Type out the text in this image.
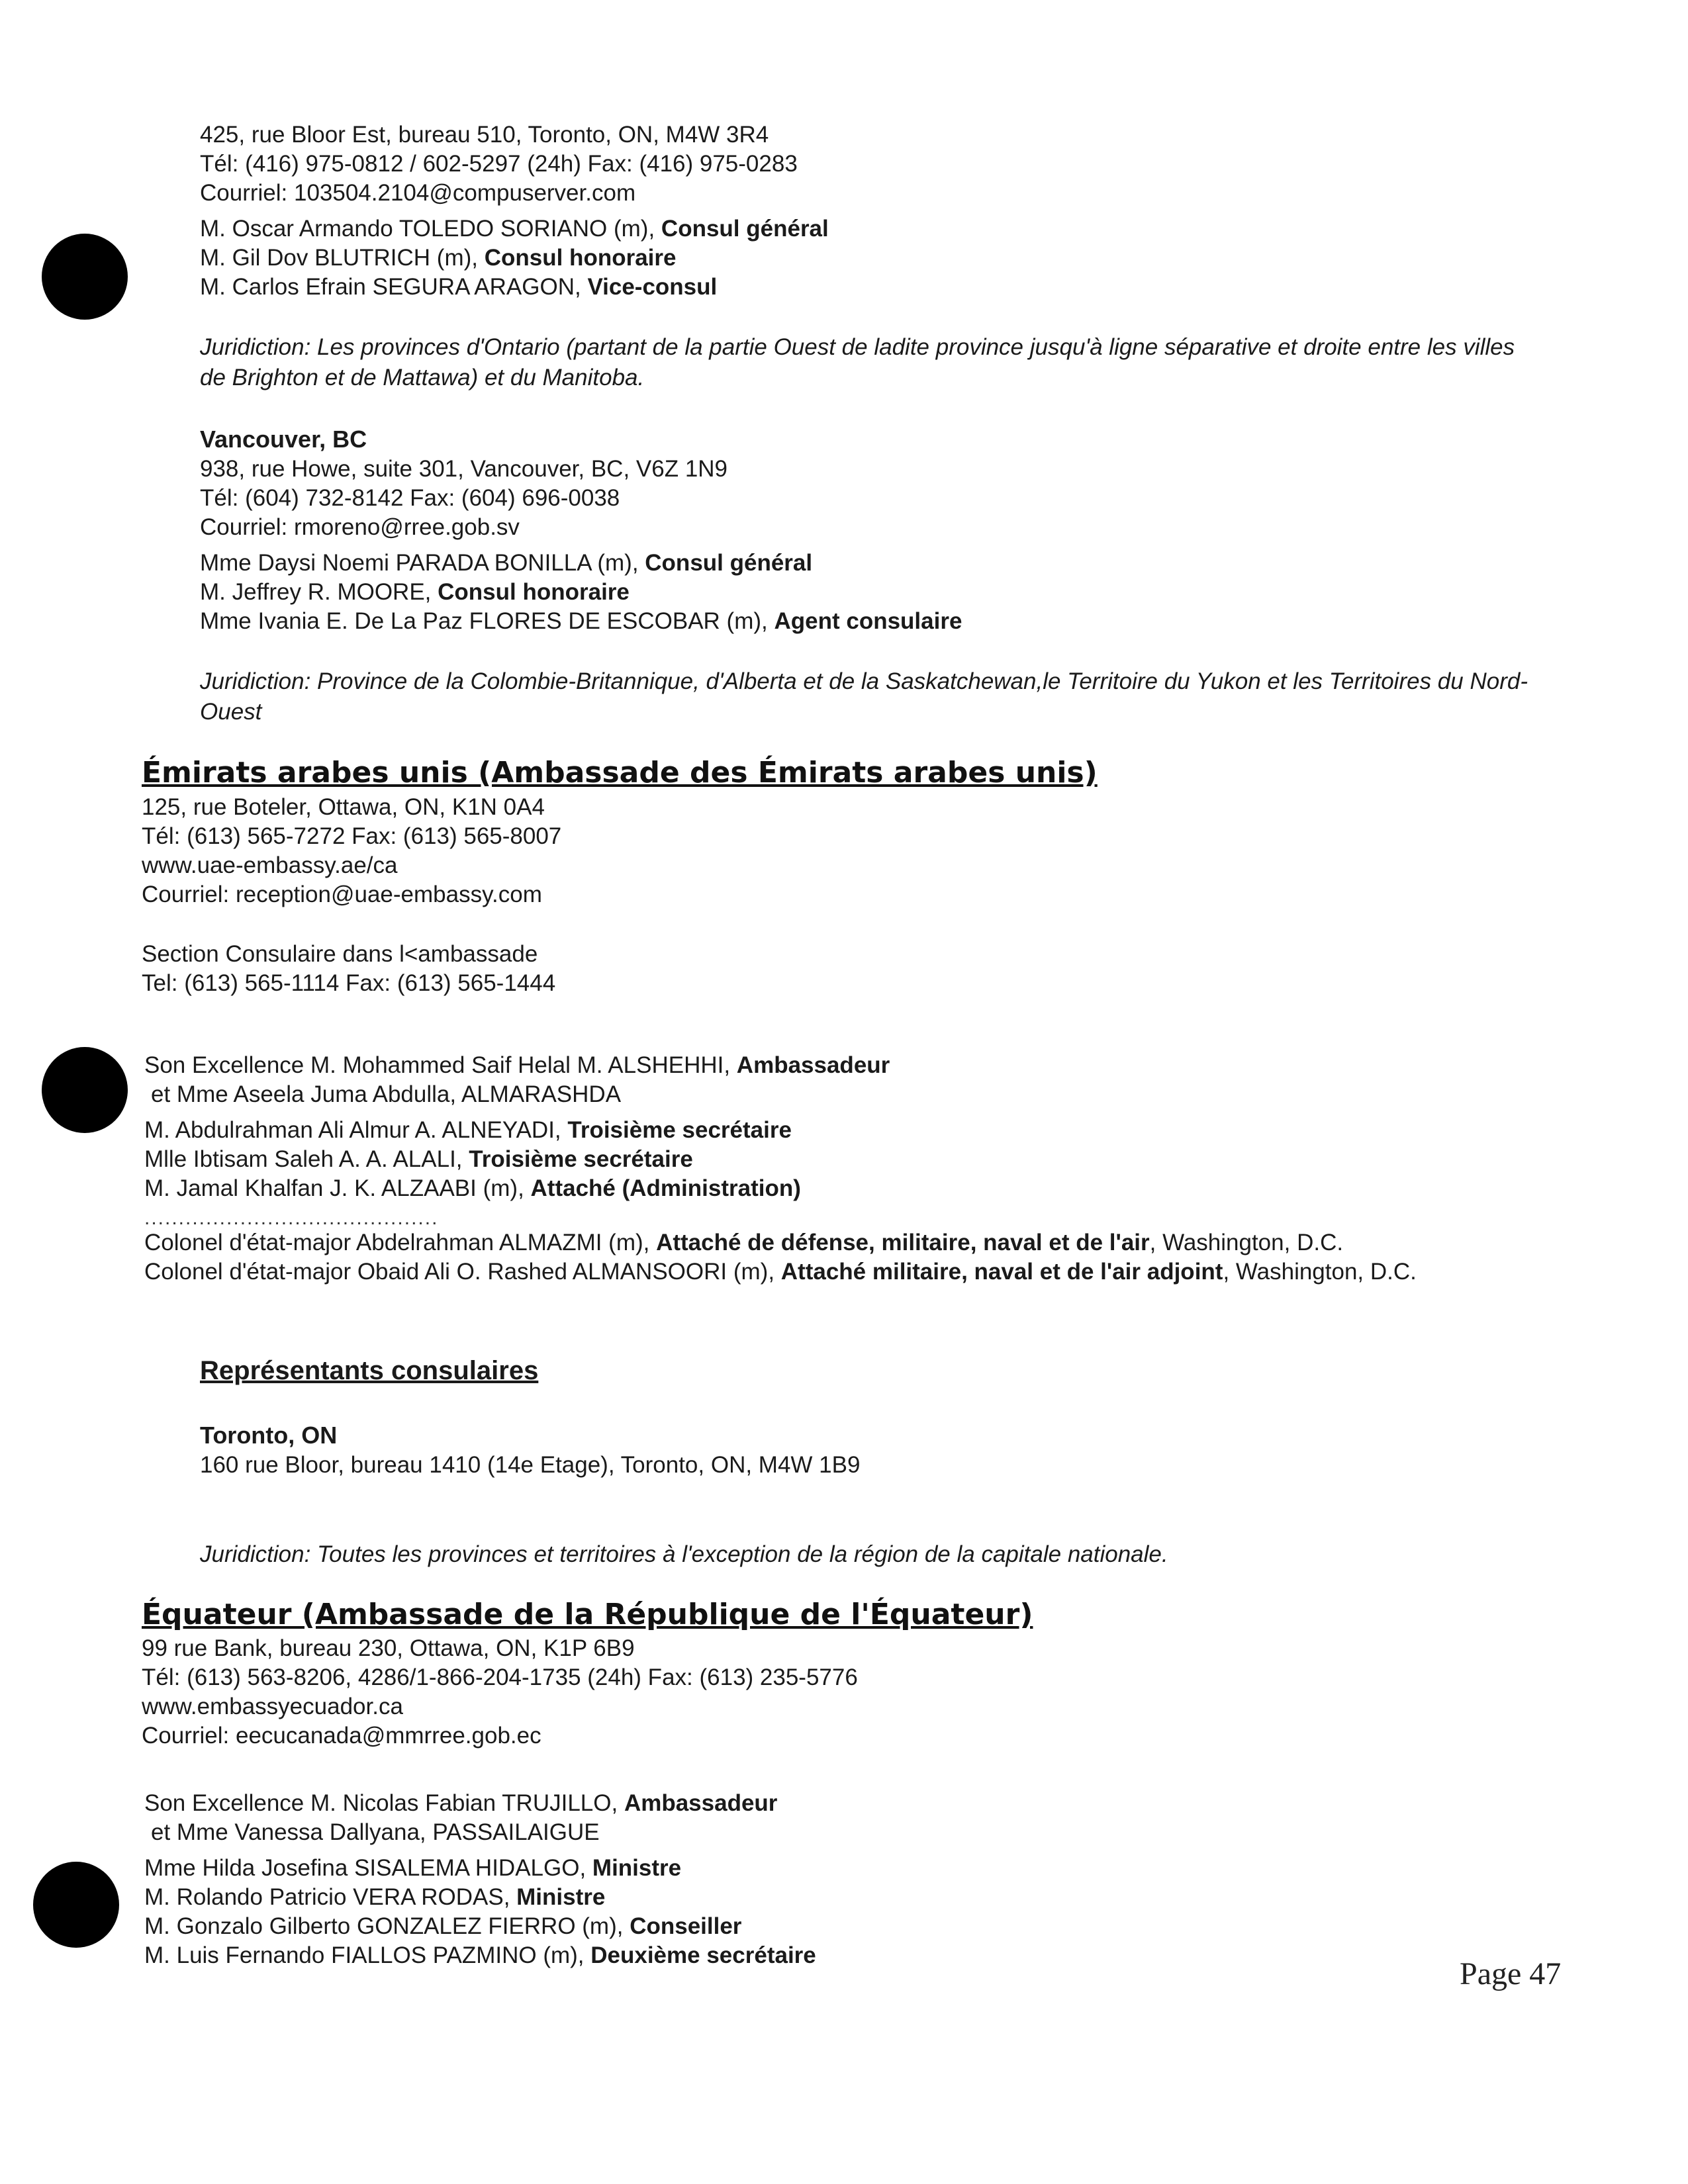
425, rue Bloor Est, bureau 510, Toronto, ON, M4W 3R4
Tél: (416) 975-0812 / 602-5297 (24h) Fax: (416) 975-0283
Courriel: 103504.2104@compuserver.com
M. Oscar Armando TOLEDO SORIANO (m), Consul général
M. Gil Dov BLUTRICH (m), Consul honoraire
M. Carlos Efrain SEGURA ARAGON, Vice-consul
Juridiction: Les provinces d'Ontario (partant de la partie Ouest de ladite province jusqu'à ligne séparative et droite entre les villes de Brighton et de Mattawa) et du Manitoba.
Vancouver, BC
938, rue Howe, suite 301, Vancouver, BC, V6Z 1N9
Tél: (604) 732-8142 Fax: (604) 696-0038
Courriel: rmoreno@rree.gob.sv
Mme Daysi Noemi PARADA BONILLA (m), Consul général
M. Jeffrey R. MOORE, Consul honoraire
Mme Ivania E. De La Paz FLORES DE ESCOBAR (m), Agent consulaire
Juridiction: Province de la Colombie-Britannique, d'Alberta et de la Saskatchewan,le Territoire du Yukon et les Territoires du Nord-Ouest
Émirats arabes unis (Ambassade des Émirats arabes unis)
125, rue Boteler, Ottawa, ON, K1N 0A4
Tél: (613) 565-7272 Fax: (613) 565-8007
www.uae-embassy.ae/ca
Courriel: reception@uae-embassy.com
Section Consulaire dans l<ambassade
Tel: (613) 565-1114 Fax: (613) 565-1444
Son Excellence M. Mohammed Saif Helal M. ALSHEHHI, Ambassadeur
et Mme Aseela Juma Abdulla, ALMARASHDA
M. Abdulrahman Ali Almur A. ALNEYADI, Troisième secrétaire
Mlle Ibtisam Saleh A. A. ALALI, Troisième secrétaire
M. Jamal Khalfan J. K. ALZAABI (m), Attaché (Administration)
...........................................
Colonel d'état-major Abdelrahman ALMAZMI (m), Attaché de défense, militaire, naval et de l'air, Washington, D.C.
Colonel d'état-major Obaid Ali O. Rashed ALMANSOORI (m), Attaché militaire, naval et de l'air adjoint, Washington, D.C.
Représentants consulaires
Toronto, ON
160 rue Bloor, bureau 1410 (14e Etage), Toronto, ON, M4W 1B9
Juridiction: Toutes les provinces et territoires à l'exception de la région de la capitale nationale.
Équateur (Ambassade de la République de l'Équateur)
99 rue Bank, bureau 230, Ottawa, ON, K1P 6B9
Tél: (613) 563-8206, 4286/1-866-204-1735 (24h) Fax: (613) 235-5776
www.embassyecuador.ca
Courriel: eecucanada@mmrree.gob.ec
Son Excellence M. Nicolas Fabian TRUJILLO, Ambassadeur
et Mme Vanessa Dallyana, PASSAILAIGUE
Mme Hilda Josefina SISALEMA HIDALGO, Ministre
M. Rolando Patricio VERA RODAS, Ministre
M. Gonzalo Gilberto GONZALEZ FIERRO (m), Conseiller
M. Luis Fernando FIALLOS PAZMINO (m), Deuxième secrétaire
Page 47
